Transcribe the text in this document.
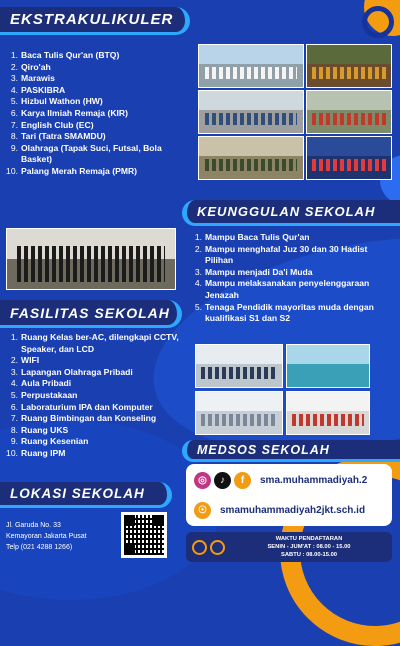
EKSTRAKULIKULER
1. Baca Tulis Qur'an (BTQ)
2. Qiro'ah
3. Marawis
4. PASKIBRA
5. Hizbul Wathon (HW)
6. Karya Ilmiah Remaja (KIR)
7. English Club (EC)
8. Tari (Tatra SMAMDU)
9. Olahraga (Tapak Suci, Futsal, Bola Basket)
10. Palang Merah Remaja (PMR)
KEUNGGULAN SEKOLAH
1. Mampu Baca Tulis Qur'an
2. Mampu menghafal Juz 30 dan 30 Hadist Pilihan
3. Mampu menjadi Da'i Muda
4. Mampu melaksanakan penyelenggaraan Jenazah
5. Tenaga Pendidik mayoritas muda dengan kualifikasi S1 dan S2
FASILITAS SEKOLAH
1. Ruang Kelas ber-AC, dilengkapi CCTV, Speaker, dan LCD
2. WIFI
3. Lapangan Olahraga Pribadi
4. Aula Pribadi
5. Perpustakaan
6. Laboraturium IPA dan Komputer
7. Ruang Bimbingan dan Konseling
8. Ruang UKS
9. Ruang Kesenian
10. Ruang IPM	MEDSOS SEKOLAH
◎	♪	f	sma.muhammadiyah.2
☉	smamuhammadiyah2jkt.sch.id
LOKASI SEKOLAH
Jl. Garuda No. 33
Kemayoran Jakarta Pusat
Telp (021 4288 1266)
WAKTU PENDAFTARAN
SENIN - JUM'AT : 08.00 - 15.00
SABTU : 08.00-15.00
